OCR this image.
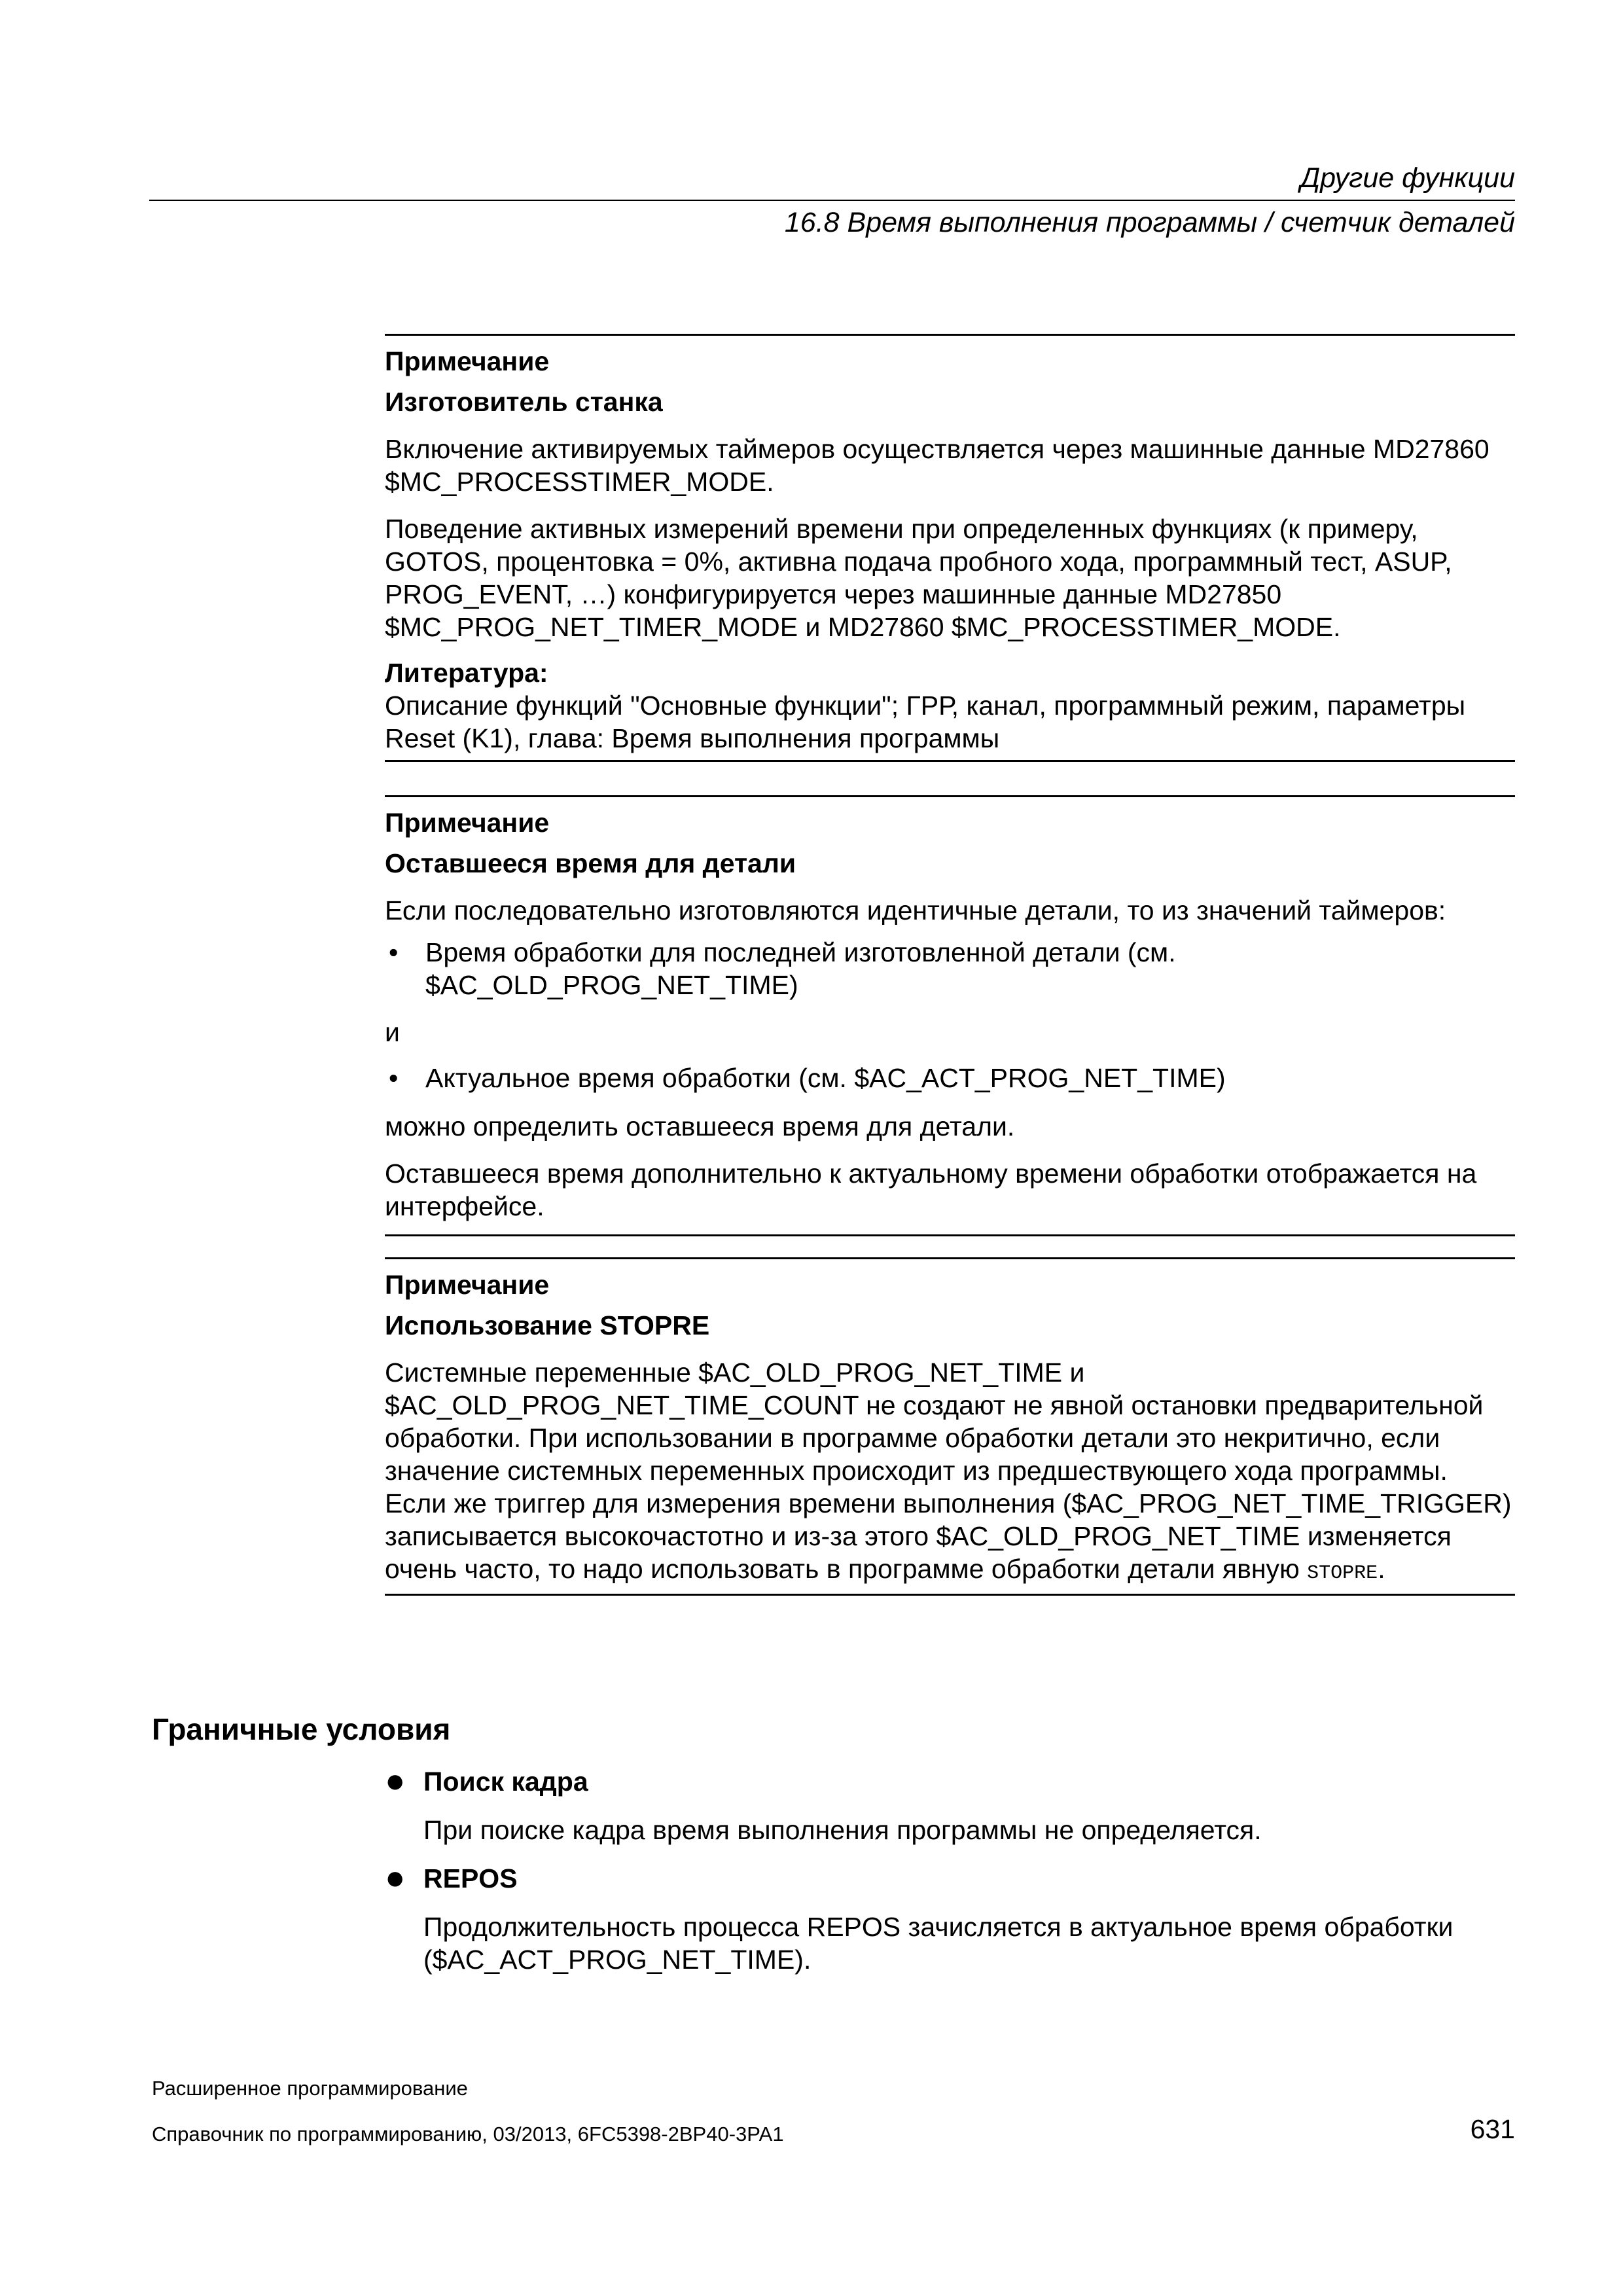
Другие функции
16.8 Время выполнения программы / счетчик деталей
Примечание
Изготовитель станка

Включение активируемых таймеров осуществляется через машинные данные MD27860 $MC_PROCESSTIMER_MODE.

Поведение активных измерений времени при определенных функциях (к примеру, GOTOS, процентовка = 0%, активна подача пробного хода, программный тест, ASUP, PROG_EVENT, …) конфигурируется через машинные данные MD27850 $MC_PROG_NET_TIMER_MODE и MD27860 $MC_PROCESSTIMER_MODE.

Литература:

Описание функций "Основные функции"; ГРР, канал, программный режим, параметры Reset (K1), глава: Время выполнения программы

Примечание
Оставшееся время для детали

Если последовательно изготовляются идентичные детали, то из значений таймеров:

• Время обработки для последней изготовленной детали (см. $AC_OLD_PROG_NET_TIME)

и

• Актуальное время обработки (см. $AC_ACT_PROG_NET_TIME)

можно определить оставшееся время для детали.

Оставшееся время дополнительно к актуальному времени обработки отображается на интерфейсе.

Примечание
Использование STOPRE

Системные переменные $AC_OLD_PROG_NET_TIME и $AC_OLD_PROG_NET_TIME_COUNT не создают не явной остановки предварительной обработки. При использовании в программе обработки детали это некритично, если значение системных переменных происходит из предшествующего хода программы. Если же триггер для измерения времени выполнения ($AC_PROG_NET_TIME_TRIGGER) записывается высокочастотно и из-за этого $AC_OLD_PROG_NET_TIME изменяется очень часто, то надо использовать в программе обработки детали явную STOPRE.

Граничные условия
● Поиск кадра
При поиске кадра время выполнения программы не определяется.
● REPOS
Продолжительность процесса REPOS зачисляется в актуальное время обработки ($AC_ACT_PROG_NET_TIME).
Расширенное программирование
Справочник по программированию, 03/2013, 6FC5398-2BP40-3PA1	631
